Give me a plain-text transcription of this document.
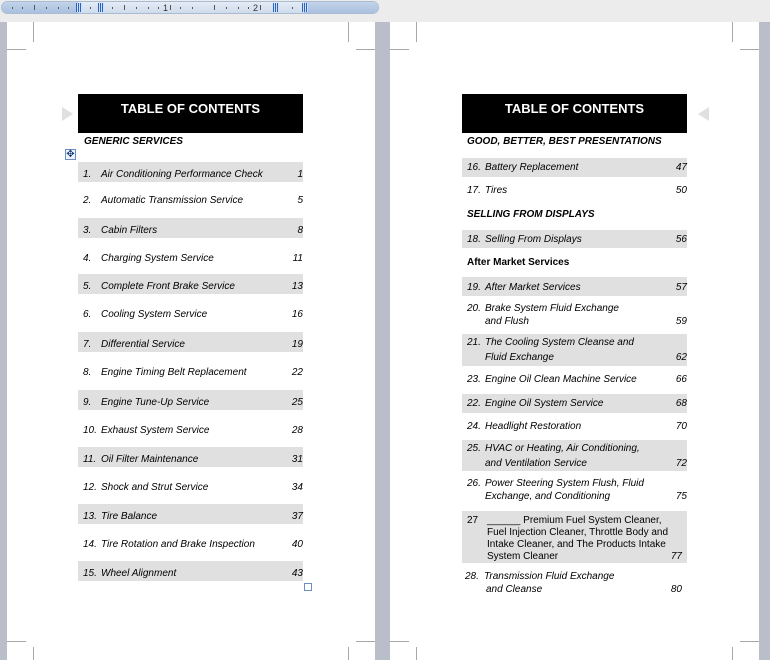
1	2
TABLE OF CONTENTS
GENERIC SERVICES
✥
1. Air Conditioning Performance Check	1
2. Automatic Transmission Service	5
3. Cabin Filters	8
4. Charging System Service	11
5. Complete Front Brake Service	13
6. Cooling System Service	16
7. Differential Service	19
8. Engine Timing Belt Replacement	22
9. Engine Tune-Up Service	25
10. Exhaust System Service	28
11. Oil Filter Maintenance	31
12. Shock and Strut Service	34
13. Tire Balance	37
14. Tire Rotation and Brake Inspection	40
15. Wheel Alignment	43
TABLE OF CONTENTS
GOOD, BETTER, BEST PRESENTATIONS
16. Battery Replacement	47
17. Tires	50
SELLING FROM DISPLAYS
18. Selling From Displays	56
After Market Services
19. After Market Services	57
20. Brake System Fluid Exchange
and Flush	59
21. The Cooling System Cleanse and
Fluid Exchange	62
23. Engine Oil Clean Machine Service	66
22. Engine Oil System Service	68
24. Headlight Restoration	70
25. HVAC or Heating, Air Conditioning,
and Ventilation Service	72
26. Power Steering System Flush, Fluid
Exchange, and Conditioning	75
27 ______ Premium Fuel System Cleaner,
Fuel Injection Cleaner, Throttle Body and
Intake Cleaner, and The Products Intake
System Cleaner	77
28. Transmission Fluid Exchange
and Cleanse	80
